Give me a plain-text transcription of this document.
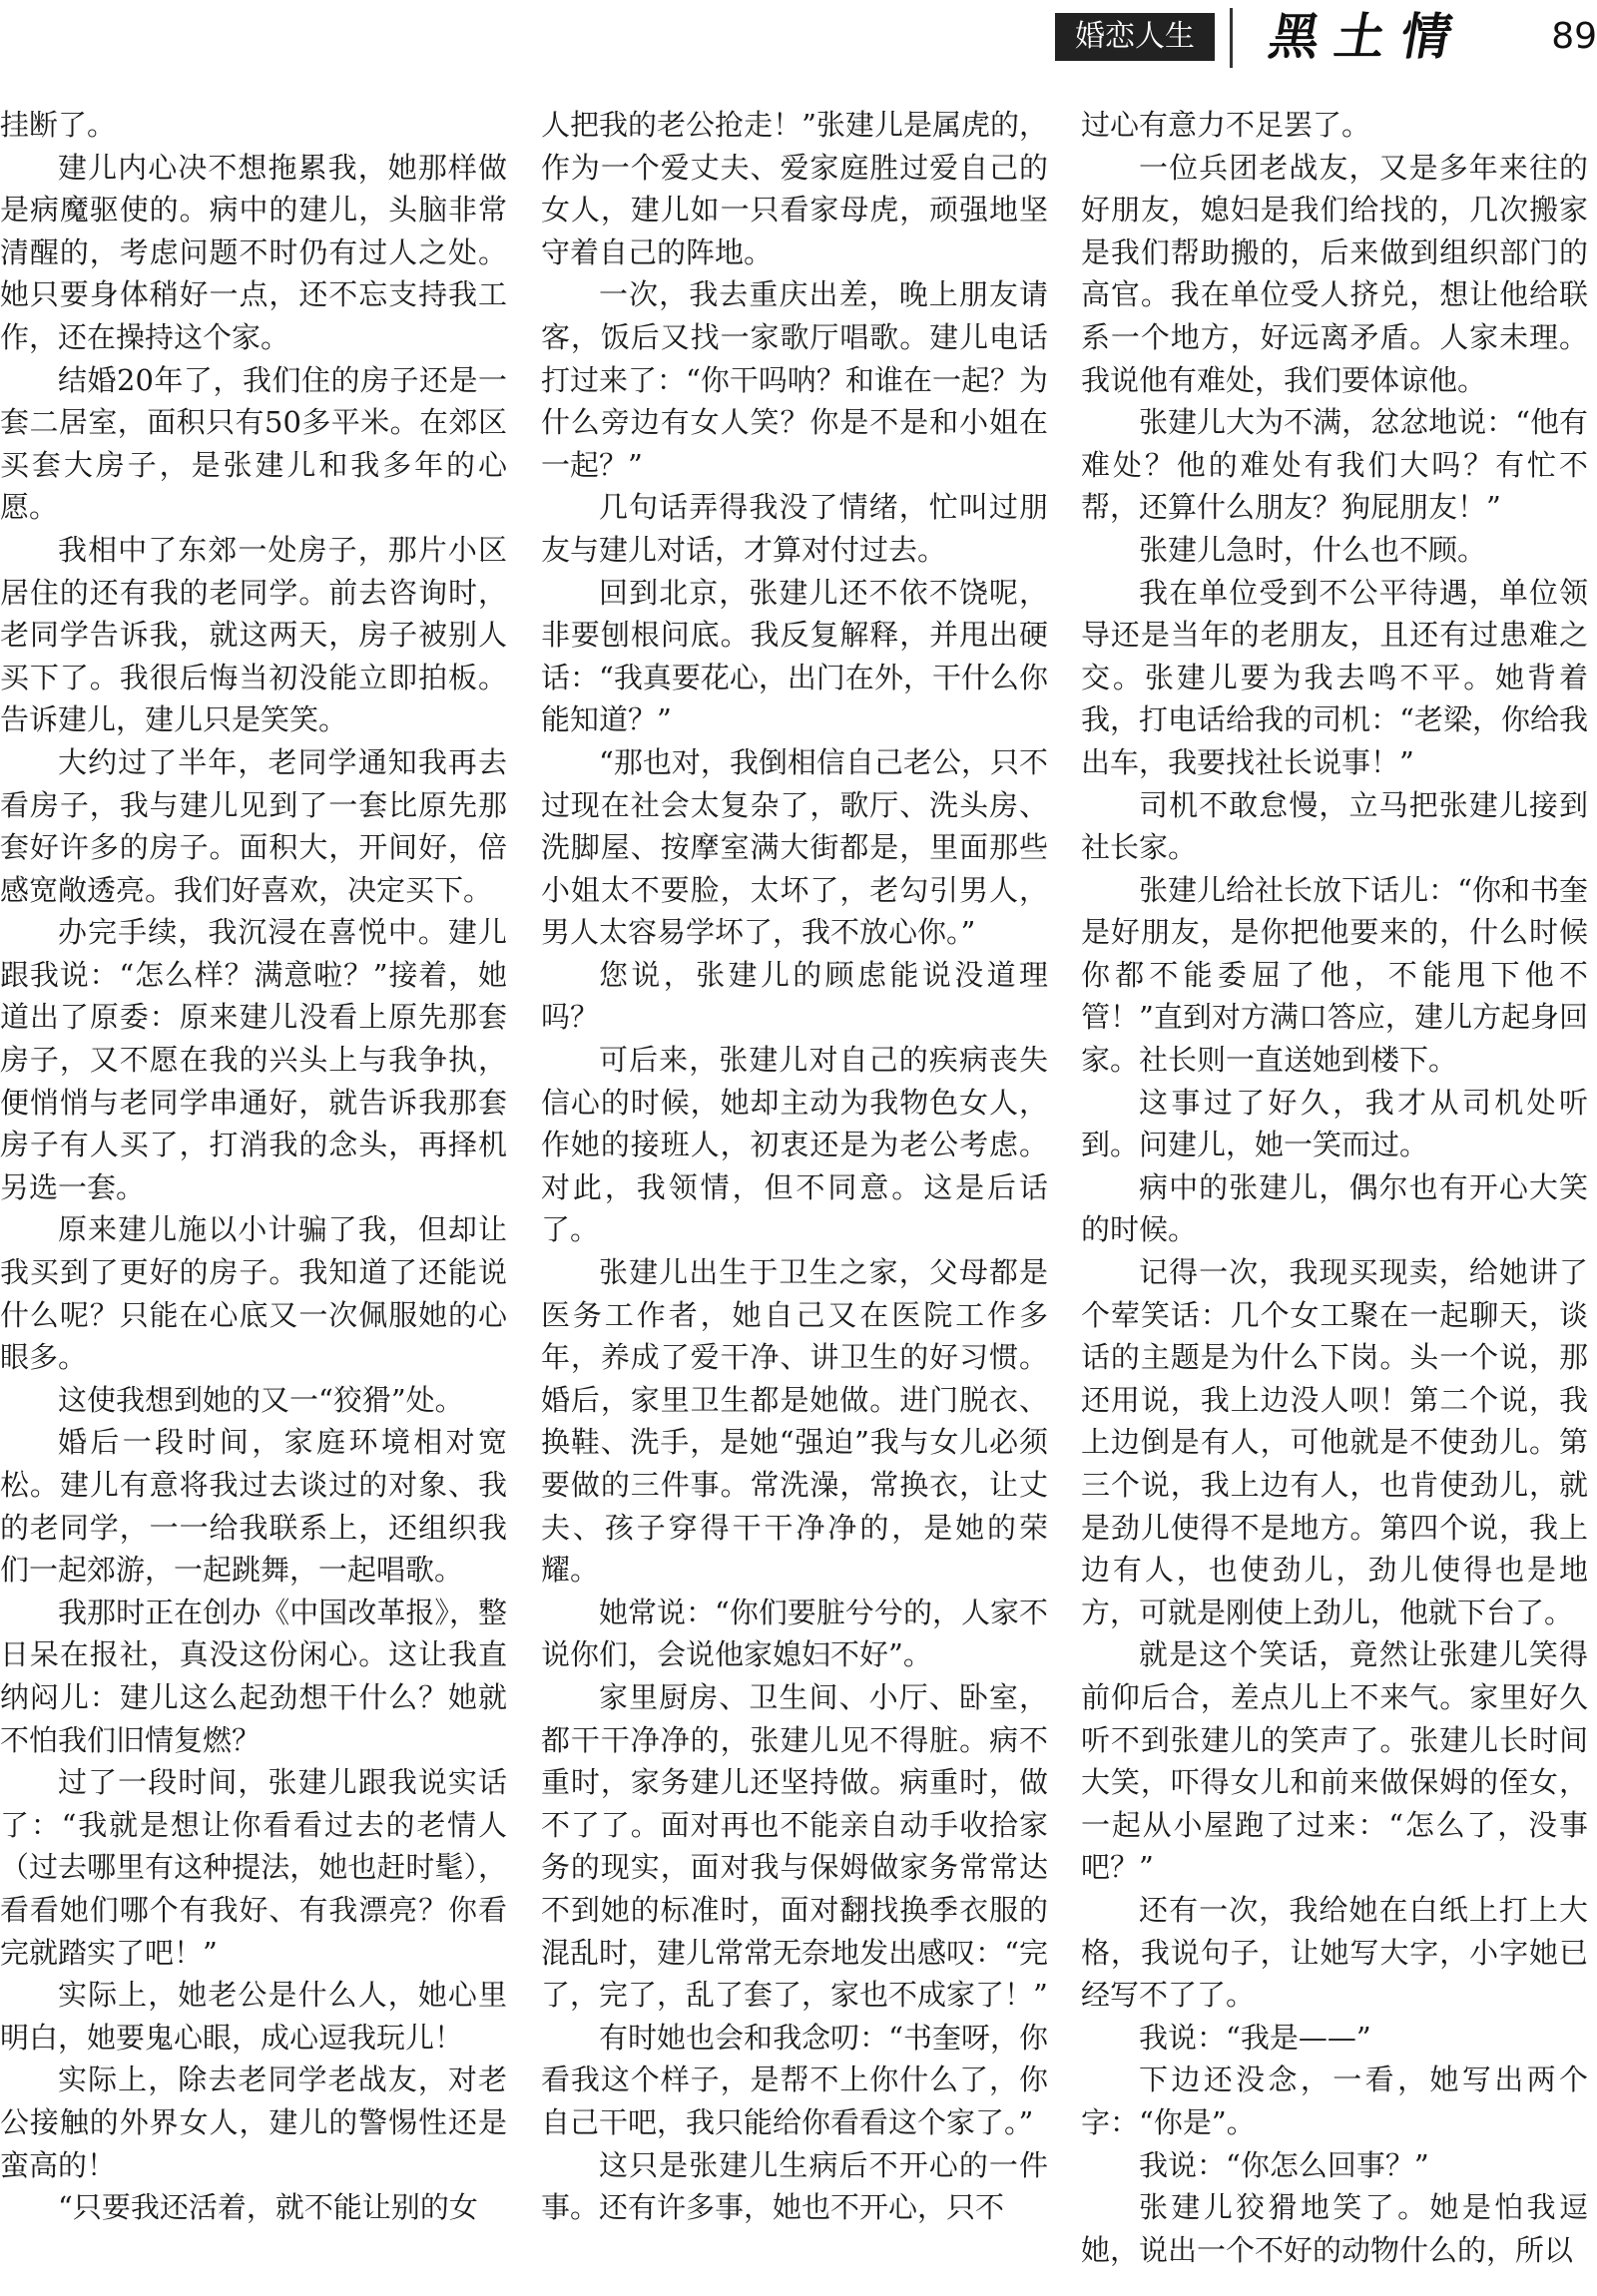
婚恋人生	黑土情	89

挂断了。

建儿内心决不想拖累我，她那样做是病魔驱使的。病中的建儿，头脑非常清醒的，考虑问题不时仍有过人之处。她只要身体稍好一点，还不忘支持我工作，还在操持这个家。

结婚20年了，我们住的房子还是一套二居室，面积只有50多平米。在郊区买套大房子，是张建儿和我多年的心愿。

我相中了东郊一处房子，那片小区居住的还有我的老同学。前去咨询时，老同学告诉我，就这两天，房子被别人买下了。我很后悔当初没能立即拍板。告诉建儿，建儿只是笑笑。

大约过了半年，老同学通知我再去看房子，我与建儿见到了一套比原先那套好许多的房子。面积大，开间好，倍感宽敞透亮。我们好喜欢，决定买下。

办完手续，我沉浸在喜悦中。建儿跟我说：“怎么样？满意啦？”接着，她道出了原委：原来建儿没看上原先那套房子，又不愿在我的兴头上与我争执，便悄悄与老同学串通好，就告诉我那套房子有人买了，打消我的念头，再择机另选一套。

原来建儿施以小计骗了我，但却让我买到了更好的房子。我知道了还能说什么呢？只能在心底又一次佩服她的心眼多。

这使我想到她的又一“狡猾”处。

婚后一段时间，家庭环境相对宽松。建儿有意将我过去谈过的对象、我的老同学，一一给我联系上，还组织我们一起郊游，一起跳舞，一起唱歌。

我那时正在创办《中国改革报》，整日呆在报社，真没这份闲心。这让我直纳闷儿：建儿这么起劲想干什么？她就不怕我们旧情复燃？

过了一段时间，张建儿跟我说实话了：“我就是想让你看看过去的老情人（过去哪里有这种提法，她也赶时髦），看看她们哪个有我好、有我漂亮？你看完就踏实了吧！”

实际上，她老公是什么人，她心里明白，她要鬼心眼，成心逗我玩儿！

实际上，除去老同学老战友，对老公接触的外界女人，建儿的警惕性还是蛮高的！

“只要我还活着，就不能让别的女

人把我的老公抢走！”张建儿是属虎的，作为一个爱丈夫、爱家庭胜过爱自己的女人，建儿如一只看家母虎，顽强地坚守着自己的阵地。

一次，我去重庆出差，晚上朋友请客，饭后又找一家歌厅唱歌。建儿电话打过来了：“你干吗呐？和谁在一起？为什么旁边有女人笑？你是不是和小姐在一起？”

几句话弄得我没了情绪，忙叫过朋友与建儿对话，才算对付过去。

回到北京，张建儿还不依不饶呢，非要刨根问底。我反复解释，并甩出硬话：“我真要花心，出门在外，干什么你能知道？”

“那也对，我倒相信自己老公，只不过现在社会太复杂了，歌厅、洗头房、洗脚屋、按摩室满大街都是，里面那些小姐太不要脸，太坏了，老勾引男人，男人太容易学坏了，我不放心你。”

您说，张建儿的顾虑能说没道理吗？

可后来，张建儿对自己的疾病丧失信心的时候，她却主动为我物色女人，作她的接班人，初衷还是为老公考虑。对此，我领情，但不同意。这是后话了。

张建儿出生于卫生之家，父母都是医务工作者，她自己又在医院工作多年，养成了爱干净、讲卫生的好习惯。婚后，家里卫生都是她做。进门脱衣、换鞋、洗手，是她“强迫”我与女儿必须要做的三件事。常洗澡，常换衣，让丈夫、孩子穿得干干净净的，是她的荣耀。

她常说：“你们要脏兮兮的，人家不说你们，会说他家媳妇不好”。

家里厨房、卫生间、小厅、卧室，都干干净净的，张建儿见不得脏。病不重时，家务建儿还坚持做。病重时，做不了了。面对再也不能亲自动手收拾家务的现实，面对我与保姆做家务常常达不到她的标准时，面对翻找换季衣服的混乱时，建儿常常无奈地发出感叹：“完了，完了，乱了套了，家也不成家了！”

有时她也会和我念叨：“书奎呀，你看我这个样子，是帮不上你什么了，你自己干吧，我只能给你看看这个家了。”

这只是张建儿生病后不开心的一件事。还有许多事，她也不开心，只不

过心有意力不足罢了。

一位兵团老战友，又是多年来往的好朋友，媳妇是我们给找的，几次搬家是我们帮助搬的，后来做到组织部门的高官。我在单位受人挤兑，想让他给联系一个地方，好远离矛盾。人家未理。我说他有难处，我们要体谅他。

张建儿大为不满，忿忿地说：“他有难处？他的难处有我们大吗？有忙不帮，还算什么朋友？狗屁朋友！”

张建儿急时，什么也不顾。

我在单位受到不公平待遇，单位领导还是当年的老朋友，且还有过患难之交。张建儿要为我去鸣不平。她背着我，打电话给我的司机：“老梁，你给我出车，我要找社长说事！”

司机不敢怠慢，立马把张建儿接到社长家。

张建儿给社长放下话儿：“你和书奎是好朋友，是你把他要来的，什么时候你都不能委屈了他，不能甩下他不管！”直到对方满口答应，建儿方起身回家。社长则一直送她到楼下。

这事过了好久，我才从司机处听到。问建儿，她一笑而过。

病中的张建儿，偶尔也有开心大笑的时候。

记得一次，我现买现卖，给她讲了个荤笑话：几个女工聚在一起聊天，谈话的主题是为什么下岗。头一个说，那还用说，我上边没人呗！第二个说，我上边倒是有人，可他就是不使劲儿。第三个说，我上边有人，也肯使劲儿，就是劲儿使得不是地方。第四个说，我上边有人，也使劲儿，劲儿使得也是地方，可就是刚使上劲儿，他就下台了。

就是这个笑话，竟然让张建儿笑得前仰后合，差点儿上不来气。家里好久听不到张建儿的笑声了。张建儿长时间大笑，吓得女儿和前来做保姆的侄女，一起从小屋跑了过来：“怎么了，没事吧？”

还有一次，我给她在白纸上打上大格，我说句子，让她写大字，小字她已经写不了了。

我说：“我是——”

下边还没念，一看，她写出两个字：“你是”。

我说：“你怎么回事？”

张建儿狡猾地笑了。她是怕我逗她，说出一个不好的动物什么的，所以
